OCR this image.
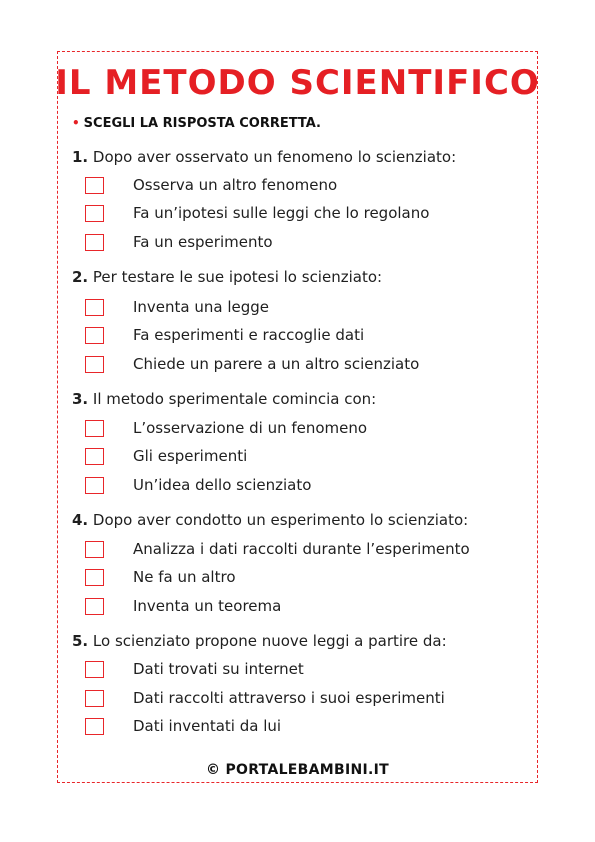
IL METODO SCIENTIFICO
• SCEGLI LA RISPOSTA CORRETTA.
1. Dopo aver osservato un fenomeno lo scienziato:
Osserva un altro fenomeno
Fa un’ipotesi sulle leggi che lo regolano
Fa un esperimento
2. Per testare le sue ipotesi lo scienziato:
Inventa una legge
Fa esperimenti e raccoglie dati
Chiede un parere a un altro scienziato
3. Il metodo sperimentale comincia con:
L’osservazione di un fenomeno
Gli esperimenti
Un’idea dello scienziato
4. Dopo aver condotto un esperimento lo scienziato:
Analizza i dati raccolti durante l’esperimento
Ne fa un altro
Inventa un teorema
5. Lo scienziato propone nuove leggi a partire da:
Dati trovati su internet
Dati raccolti attraverso i suoi esperimenti
Dati inventati da lui
© PORTALEBAMBINI.IT
